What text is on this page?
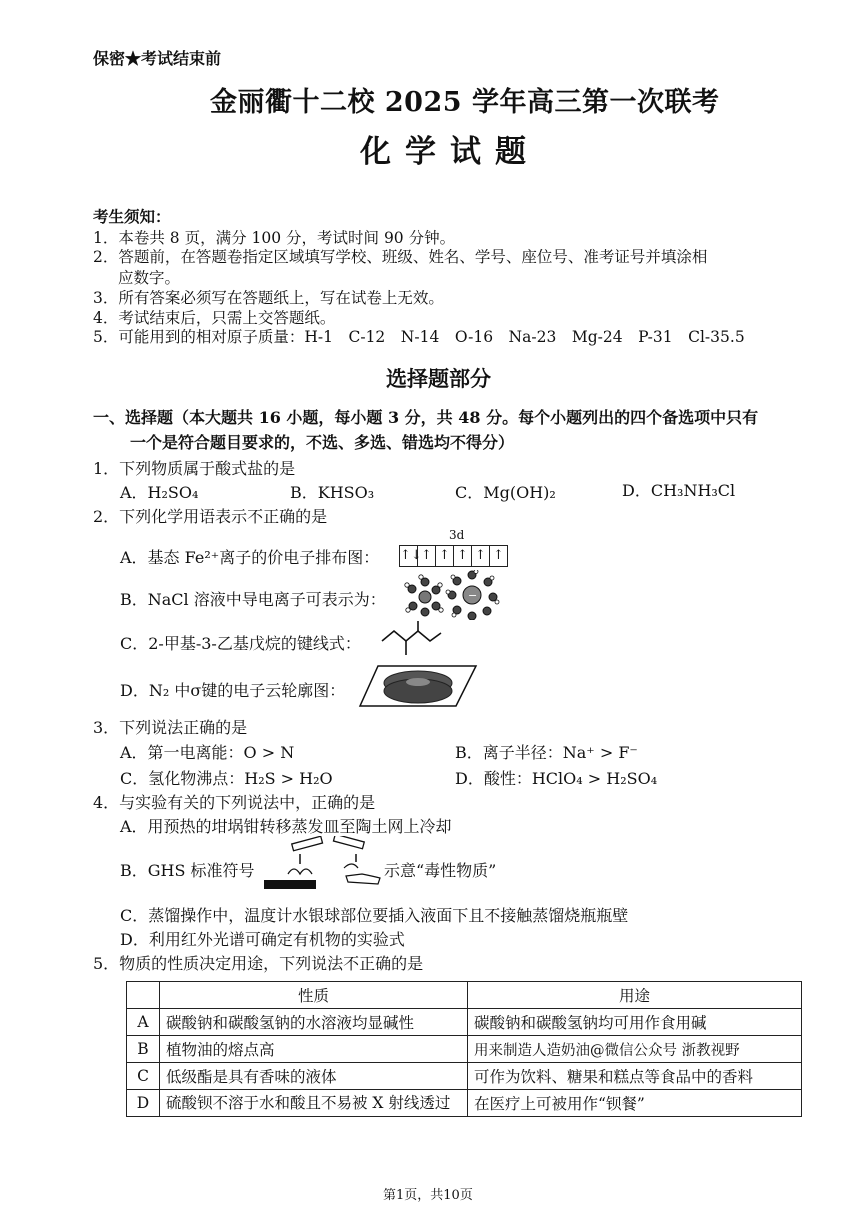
保密★考试结束前
金丽衢十二校 2025 学年高三第一次联考
化学试题
考生须知：
1．本卷共 8 页，满分 100 分，考试时间 90 分钟。
2．答题前，在答题卷指定区域填写学校、班级、姓名、学号、座位号、准考证号并填涂相
应数字。
3．所有答案必须写在答题纸上，写在试卷上无效。
4．考试结束后，只需上交答题纸。
5．可能用到的相对原子质量：H-1　C-12　N-14　O-16　Na-23　Mg-24　P-31　Cl-35.5
选择题部分
一、选择题（本大题共 16 小题，每小题 3 分，共 48 分。每个小题列出的四个备选项中只有
一个是符合题目要求的，不选、多选、错选均不得分）
1．下列物质属于酸式盐的是
A．H₂SO₄	B．KHSO₃	C．Mg(OH)₂	D．CH₃NH₃Cl
2．下列化学用语表示不正确的是
A．基态 Fe²⁺离子的价电子排布图：
3d
↑↓ ↑ ↑ ↑ ↑ ↑
B．NaCl 溶液中导电离子可表示为：	−
C．2-甲基-3-乙基戊烷的键线式：
D．N₂ 中σ键的电子云轮廓图：
3．下列说法正确的是
A．第一电离能：O > N	B．离子半径：Na⁺ > F⁻
C．氢化物沸点：H₂S > H₂O	D．酸性：HClO₄ > H₂SO₄
4．与实验有关的下列说法中，正确的是
A．用预热的坩埚钳转移蒸发皿至陶土网上冷却
B．GHS 标准符号	示意“毒性物质”
C．蒸馏操作中，温度计水银球部位要插入液面下且不接触蒸馏烧瓶瓶壁
D．利用红外光谱可确定有机物的实验式
5．物质的性质决定用途，下列说法不正确的是
	性质	用途
A	碳酸钠和碳酸氢钠的水溶液均显碱性	碳酸钠和碳酸氢钠均可用作食用碱
B	植物油的熔点高	用来制造人造奶油@微信公众号 浙教视野
C	低级酯是具有香味的液体	可作为饮料、糖果和糕点等食品中的香料
D	硫酸钡不溶于水和酸且不易被 X 射线透过	在医疗上可被用作“钡餐”
第1页，共10页
